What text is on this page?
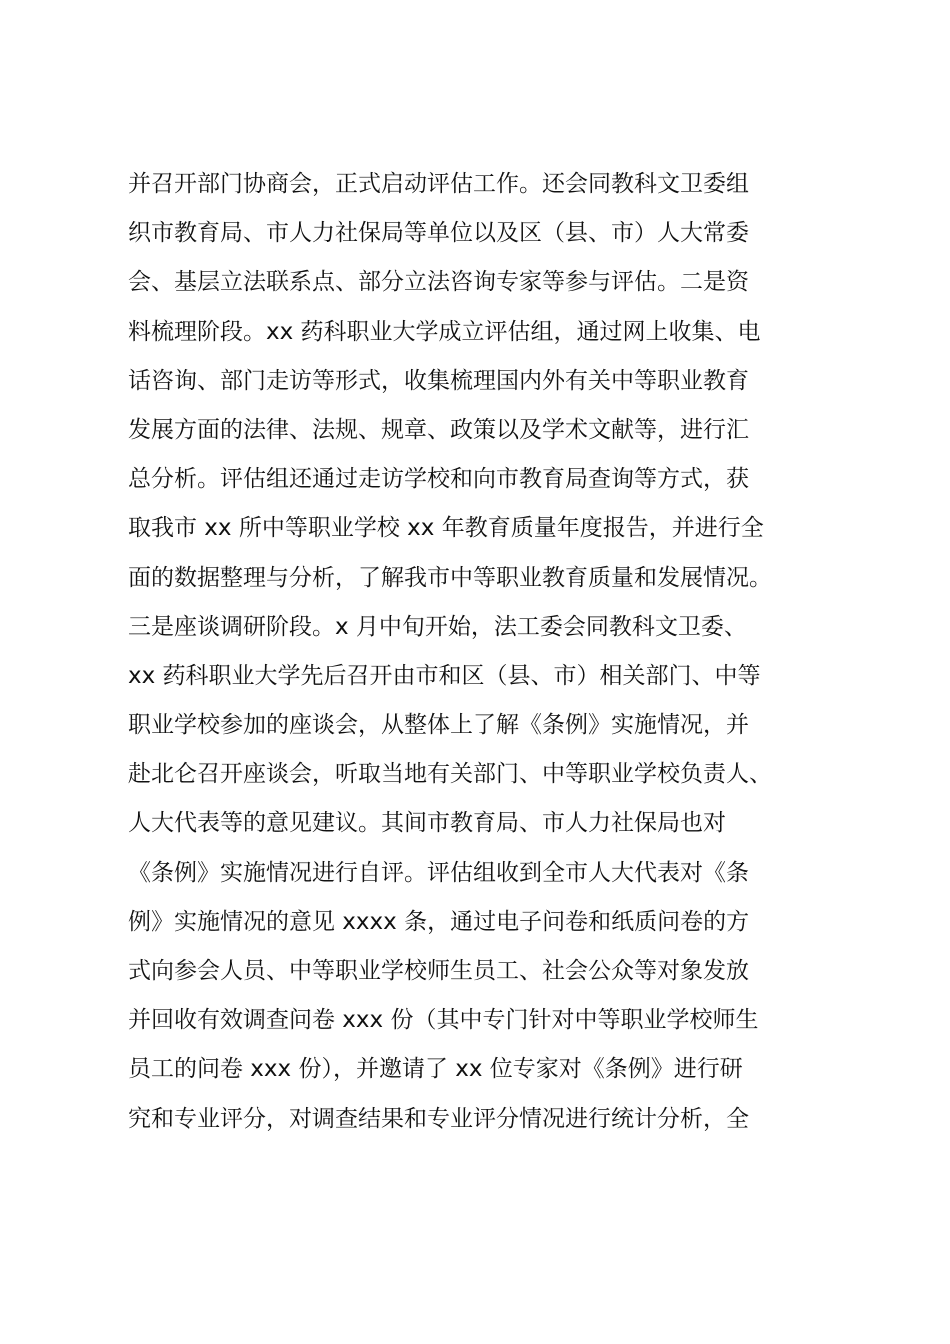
并召开部门协商会，正式启动评估工作。还会同教科文卫委组
织市教育局、市人力社保局等单位以及区（县、市）人大常委
会、基层立法联系点、部分立法咨询专家等参与评估。二是资
料梳理阶段。xx 药科职业大学成立评估组，通过网上收集、电
话咨询、部门走访等形式，收集梳理国内外有关中等职业教育
发展方面的法律、法规、规章、政策以及学术文献等，进行汇
总分析。评估组还通过走访学校和向市教育局查询等方式，获
取我市 xx 所中等职业学校 xx 年教育质量年度报告，并进行全
面的数据整理与分析，了解我市中等职业教育质量和发展情况。
三是座谈调研阶段。x 月中旬开始，法工委会同教科文卫委、
xx 药科职业大学先后召开由市和区（县、市）相关部门、中等
职业学校参加的座谈会，从整体上了解《条例》实施情况，并
赴北仑召开座谈会，听取当地有关部门、中等职业学校负责人、
人大代表等的意见建议。其间市教育局、市人力社保局也对
《条例》实施情况进行自评。评估组收到全市人大代表对《条
例》实施情况的意见 xxxx 条，通过电子问卷和纸质问卷的方
式向参会人员、中等职业学校师生员工、社会公众等对象发放
并回收有效调查问卷 xxx 份（其中专门针对中等职业学校师生
员工的问卷 xxx 份），并邀请了 xx 位专家对《条例》进行研
究和专业评分，对调查结果和专业评分情况进行统计分析，全
